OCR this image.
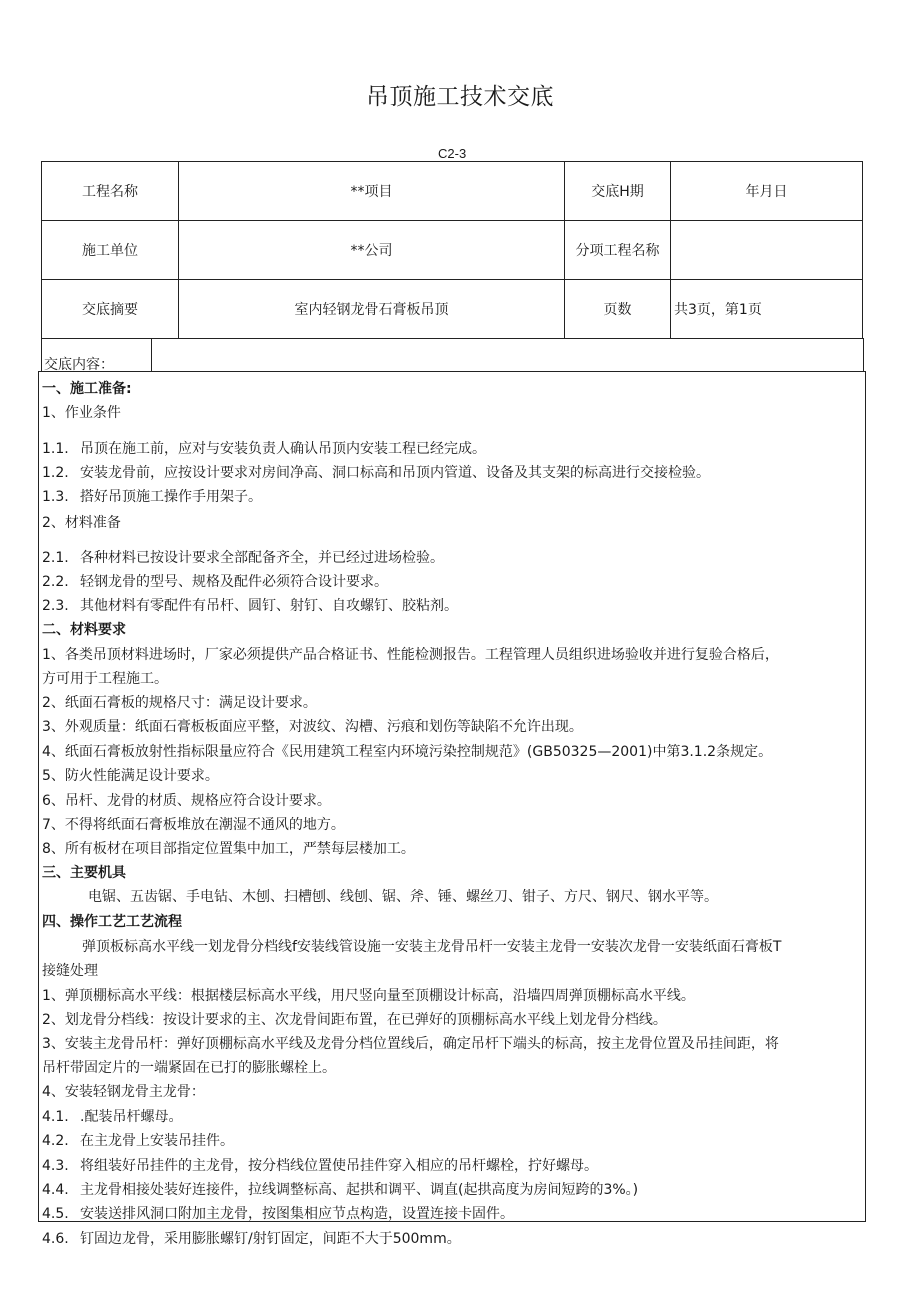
吊顶施工技术交底
C2-3
工程名称	**项目	交底H期	年月日
施工单位	**公司	分项工程名称	
交底摘要	室内轻钢龙骨石膏板吊顶	页数	共3页，第1页
交底内容：
一、施工准备:
1、作业条件
1.1. 吊顶在施工前，应对与安装负责人确认吊顶内安装工程已经完成。
1.2. 安装龙骨前，应按设计要求对房间净高、洞口标高和吊顶内管道、设备及其支架的标高进行交接检验。
1.3. 搭好吊顶施工操作手用架子。
2、材料准备
2.1. 各种材料已按设计要求全部配备齐全，并已经过进场检验。
2.2. 轻钢龙骨的型号、规格及配件必须符合设计要求。
2.3. 其他材料有零配件有吊杆、圆钉、射钉、自攻螺钉、胶粘剂。
二、材料要求
1、各类吊顶材料进场时，厂家必须提供产品合格证书、性能检测报告。工程管理人员组织进场验收并进行复验合格后，
方可用于工程施工。
2、纸面石膏板的规格尺寸：满足设计要求。
3、外观质量：纸面石膏板板面应平整，对波纹、沟槽、污痕和划伤等缺陷不允许出现。
4、纸面石膏板放射性指标限量应符合《民用建筑工程室内环境污染控制规范》(GB50325—2001)中第3.1.2条规定。
5、防火性能满足设计要求。
6、吊杆、龙骨的材质、规格应符合设计要求。
7、不得将纸面石膏板堆放在潮湿不通风的地方。
8、所有板材在项目部指定位置集中加工，严禁每层楼加工。
三、主要机具
电锯、五齿锯、手电钻、木刨、扫槽刨、线刨、锯、斧、锤、螺丝刀、钳子、方尺、钢尺、钢水平等。
四、操作工艺工艺流程
弹顶板标高水平线一划龙骨分档线f安装线管设施一安装主龙骨吊杆一安装主龙骨一安装次龙骨一安装纸面石膏板T
接缝处理
1、弹顶棚标高水平线：根据楼层标高水平线，用尺竖向量至顶棚设计标高，沿墙四周弹顶棚标高水平线。
2、划龙骨分档线：按设计要求的主、次龙骨间距布置，在已弹好的顶棚标高水平线上划龙骨分档线。
3、安装主龙骨吊杆：弹好顶棚标高水平线及龙骨分档位置线后，确定吊杆下端头的标高，按主龙骨位置及吊挂间距，将
吊杆带固定片的一端紧固在已打的膨胀螺栓上。
4、安装轻钢龙骨主龙骨：
4.1. .配装吊杆螺母。
4.2. 在主龙骨上安装吊挂件。
4.3. 将组装好吊挂件的主龙骨，按分档线位置使吊挂件穿入相应的吊杆螺栓，拧好螺母。
4.4. 主龙骨相接处装好连接件，拉线调整标高、起拱和调平、调直(起拱高度为房间短跨的3%。)
4.5. 安装送排风洞口附加主龙骨，按图集相应节点构造，设置连接卡固件。
4.6. 钉固边龙骨，采用膨胀螺钉/射钉固定，间距不大于500mm。
